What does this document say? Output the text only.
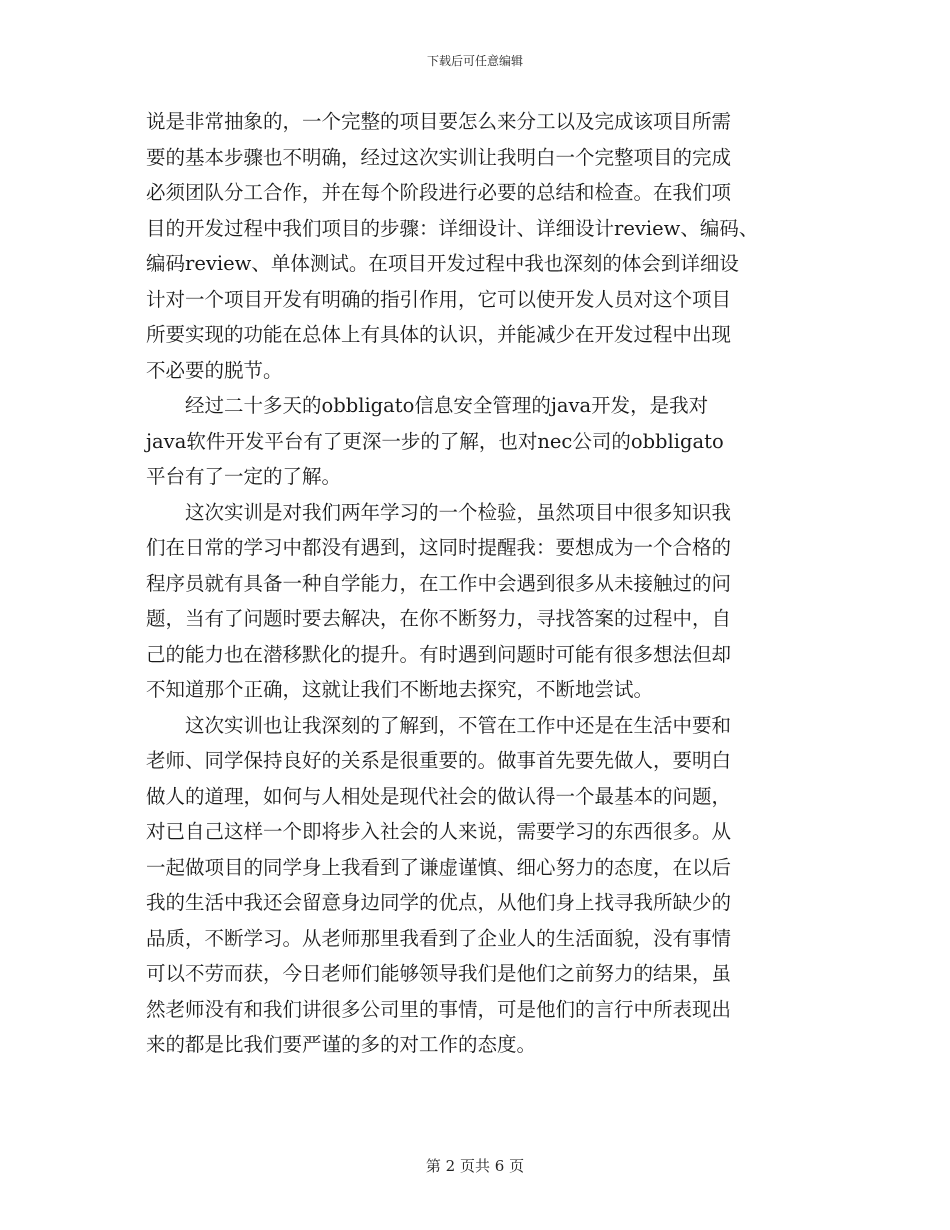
下载后可任意编辑
说是非常抽象的，一个完整的项目要怎么来分工以及完成该项目所需
要的基本步骤也不明确，经过这次实训让我明白一个完整项目的完成
必须团队分工合作，并在每个阶段进行必要的总结和检查。在我们项
目的开发过程中我们项目的步骤：详细设计、详细设计review、编码、
编码review、单体测试。在项目开发过程中我也深刻的体会到详细设
计对一个项目开发有明确的指引作用，它可以使开发人员对这个项目
所要实现的功能在总体上有具体的认识，并能减少在开发过程中出现
不必要的脱节。
经过二十多天的obbligato信息安全管理的java开发，是我对
java软件开发平台有了更深一步的了解，也对nec公司的obbligato
平台有了一定的了解。
这次实训是对我们两年学习的一个检验，虽然项目中很多知识我
们在日常的学习中都没有遇到，这同时提醒我：要想成为一个合格的
程序员就有具备一种自学能力，在工作中会遇到很多从未接触过的问
题，当有了问题时要去解决，在你不断努力，寻找答案的过程中，自
己的能力也在潜移默化的提升。有时遇到问题时可能有很多想法但却
不知道那个正确，这就让我们不断地去探究，不断地尝试。
这次实训也让我深刻的了解到，不管在工作中还是在生活中要和
老师、同学保持良好的关系是很重要的。做事首先要先做人，要明白
做人的道理，如何与人相处是现代社会的做认得一个最基本的问题，
对已自己这样一个即将步入社会的人来说，需要学习的东西很多。从
一起做项目的同学身上我看到了谦虚谨慎、细心努力的态度，在以后
我的生活中我还会留意身边同学的优点，从他们身上找寻我所缺少的
品质，不断学习。从老师那里我看到了企业人的生活面貌，没有事情
可以不劳而获，今日老师们能够领导我们是他们之前努力的结果，虽
然老师没有和我们讲很多公司里的事情，可是他们的言行中所表现出
来的都是比我们要严谨的多的对工作的态度。
第 2 页共 6 页
